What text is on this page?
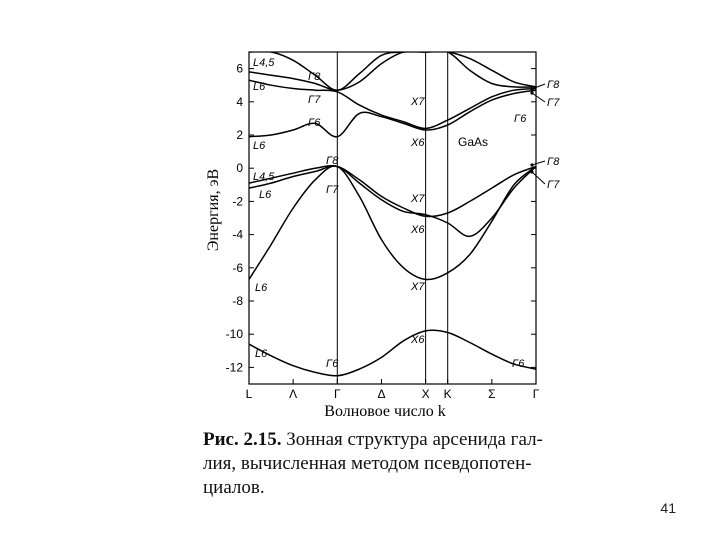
6
4
2
0
-2
-4
-6
-8
-10
-12
L	Λ	Γ	Δ	X K	Σ	Γ
L4,5
L6
L6
L4,5
L6
L6
L6
Γ8
Γ7
Γ6
Γ8
Γ7
Γ6
X7
X6
X7
X6
X7
X6
Γ6
Γ8
Γ7
Γ8
Γ7
Γ6
GaAs
Энергия, эВ
Волновое число k
Рис. 2.15. Зонная структура арсенида гал-
лия, вычисленная методом псевдопотен-
циалов.
41
